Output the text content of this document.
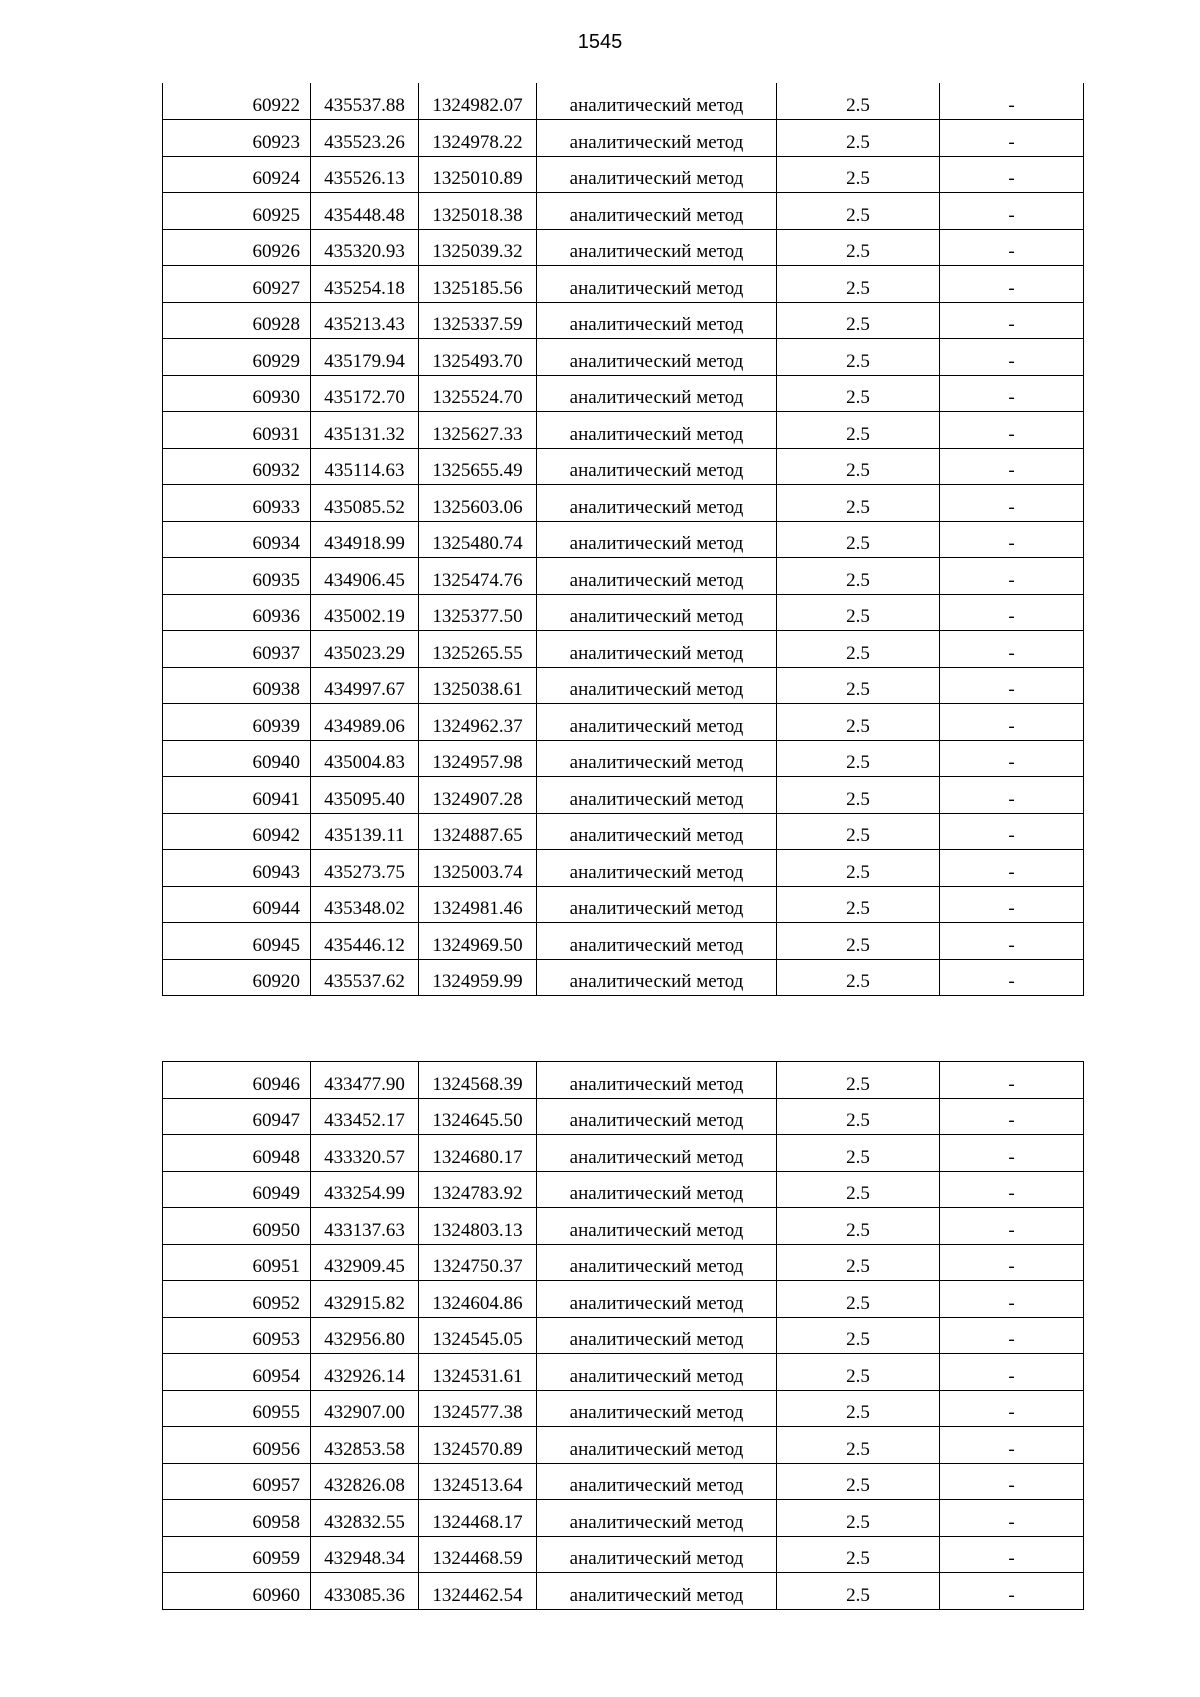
1545
60922	435537.88	1324982.07	аналитический метод	2.5	-
60923	435523.26	1324978.22	аналитический метод	2.5	-
60924	435526.13	1325010.89	аналитический метод	2.5	-
60925	435448.48	1325018.38	аналитический метод	2.5	-
60926	435320.93	1325039.32	аналитический метод	2.5	-
60927	435254.18	1325185.56	аналитический метод	2.5	-
60928	435213.43	1325337.59	аналитический метод	2.5	-
60929	435179.94	1325493.70	аналитический метод	2.5	-
60930	435172.70	1325524.70	аналитический метод	2.5	-
60931	435131.32	1325627.33	аналитический метод	2.5	-
60932	435114.63	1325655.49	аналитический метод	2.5	-
60933	435085.52	1325603.06	аналитический метод	2.5	-
60934	434918.99	1325480.74	аналитический метод	2.5	-
60935	434906.45	1325474.76	аналитический метод	2.5	-
60936	435002.19	1325377.50	аналитический метод	2.5	-
60937	435023.29	1325265.55	аналитический метод	2.5	-
60938	434997.67	1325038.61	аналитический метод	2.5	-
60939	434989.06	1324962.37	аналитический метод	2.5	-
60940	435004.83	1324957.98	аналитический метод	2.5	-
60941	435095.40	1324907.28	аналитический метод	2.5	-
60942	435139.11	1324887.65	аналитический метод	2.5	-
60943	435273.75	1325003.74	аналитический метод	2.5	-
60944	435348.02	1324981.46	аналитический метод	2.5	-
60945	435446.12	1324969.50	аналитический метод	2.5	-
60920	435537.62	1324959.99	аналитический метод	2.5	-
60946	433477.90	1324568.39	аналитический метод	2.5	-
60947	433452.17	1324645.50	аналитический метод	2.5	-
60948	433320.57	1324680.17	аналитический метод	2.5	-
60949	433254.99	1324783.92	аналитический метод	2.5	-
60950	433137.63	1324803.13	аналитический метод	2.5	-
60951	432909.45	1324750.37	аналитический метод	2.5	-
60952	432915.82	1324604.86	аналитический метод	2.5	-
60953	432956.80	1324545.05	аналитический метод	2.5	-
60954	432926.14	1324531.61	аналитический метод	2.5	-
60955	432907.00	1324577.38	аналитический метод	2.5	-
60956	432853.58	1324570.89	аналитический метод	2.5	-
60957	432826.08	1324513.64	аналитический метод	2.5	-
60958	432832.55	1324468.17	аналитический метод	2.5	-
60959	432948.34	1324468.59	аналитический метод	2.5	-
60960	433085.36	1324462.54	аналитический метод	2.5	-
